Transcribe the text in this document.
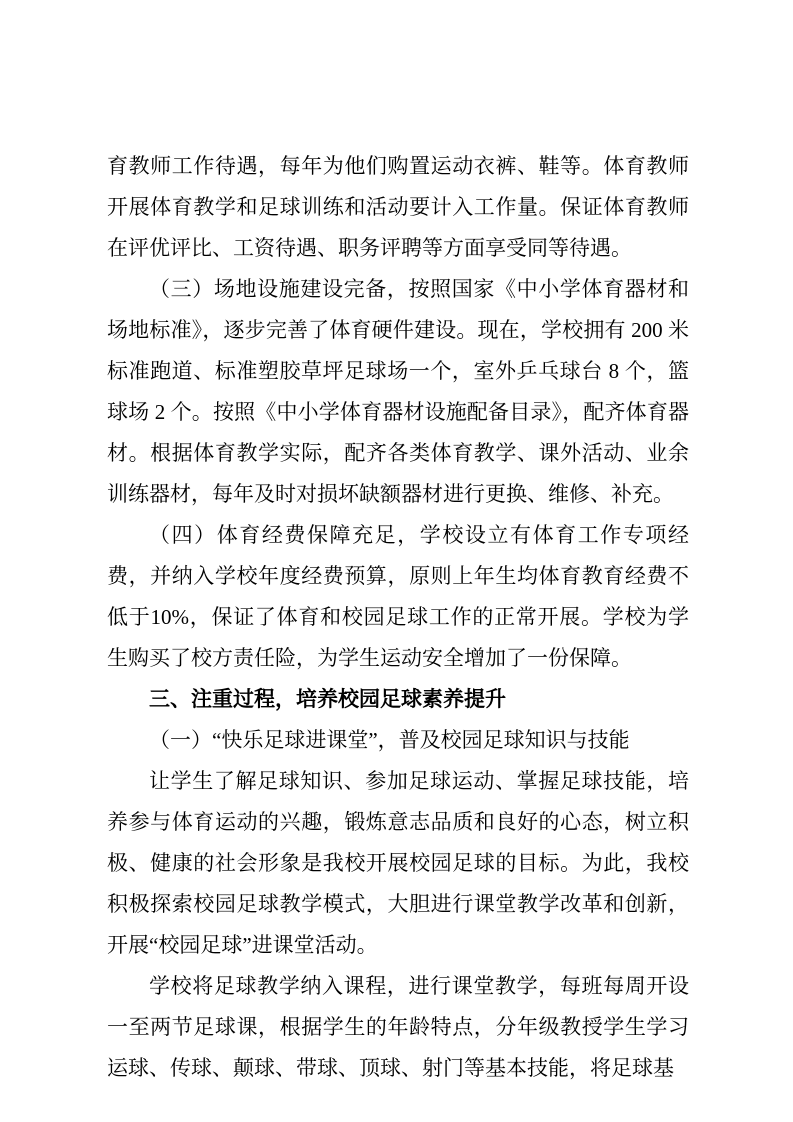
育教师工作待遇，每年为他们购置运动衣裤、鞋等。体育教师开展体育教学和足球训练和活动要计入工作量。保证体育教师在评优评比、工资待遇、职务评聘等方面享受同等待遇。

（三）场地设施建设完备，按照国家《中小学体育器材和场地标准》，逐步完善了体育硬件建设。现在，学校拥有 200 米标准跑道、标准塑胶草坪足球场一个，室外乒乓球台 8 个，篮球场 2 个。按照《中小学体育器材设施配备目录》，配齐体育器材。根据体育教学实际，配齐各类体育教学、课外活动、业余训练器材，每年及时对损坏缺额器材进行更换、维修、补充。

（四）体育经费保障充足，学校设立有体育工作专项经费，并纳入学校年度经费预算，原则上年生均体育教育经费不低于10%，保证了体育和校园足球工作的正常开展。学校为学生购买了校方责任险，为学生运动安全增加了一份保障。

三、注重过程，培养校园足球素养提升

（一）“快乐足球进课堂”，普及校园足球知识与技能

让学生了解足球知识、参加足球运动、掌握足球技能，培养参与体育运动的兴趣，锻炼意志品质和良好的心态，树立积极、健康的社会形象是我校开展校园足球的目标。为此，我校积极探索校园足球教学模式，大胆进行课堂教学改革和创新，开展“校园足球”进课堂活动。

学校将足球教学纳入课程，进行课堂教学，每班每周开设一至两节足球课，根据学生的年龄特点，分年级教授学生学习运球、传球、颠球、带球、顶球、射门等基本技能，将足球基
